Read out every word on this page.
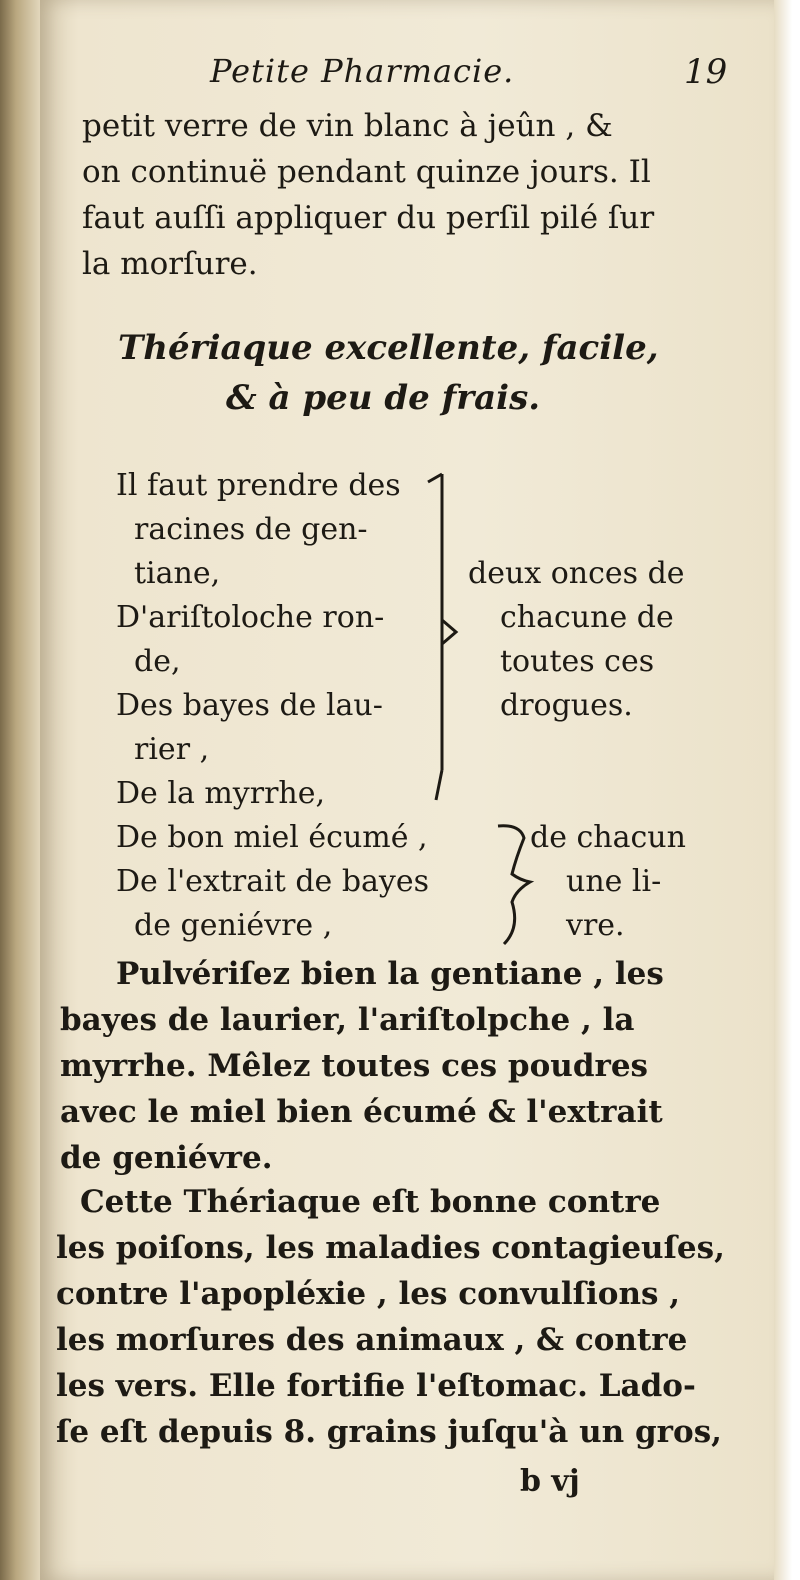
Petite Pharmacie.	19
petit verre de vin blanc à jeûn , &
on continuë pendant quinze jours. Il
faut auſſi appliquer du perſil pilé ſur
la morſure.
Thériaque excellente, facile,
& à peu de frais.
Il faut prendre des
racines de gen-
tiane,
D'ariſtoloche ron-
de,
Des bayes de lau-
rier ,
De la myrrhe,
deux onces de
chacune de
toutes ces
drogues.
De bon miel écumé ,
De l'extrait de bayes
de geniévre ,
de chacun
une li-
vre.
Pulvériſez bien la gentiane , les
bayes de laurier, l'ariſtolpche , la
myrrhe. Mêlez toutes ces poudres
avec le miel bien écumé & l'extrait
de geniévre.
Cette Thériaque eſt bonne contre
les poiſons, les maladies contagieuſes,
contre l'apopléxie , les convulſions ,
les morſures des animaux , & contre
les vers. Elle fortifie l'eſtomac. Lado-
ſe eſt depuis 8. grains juſqu'à un gros,
b vj
